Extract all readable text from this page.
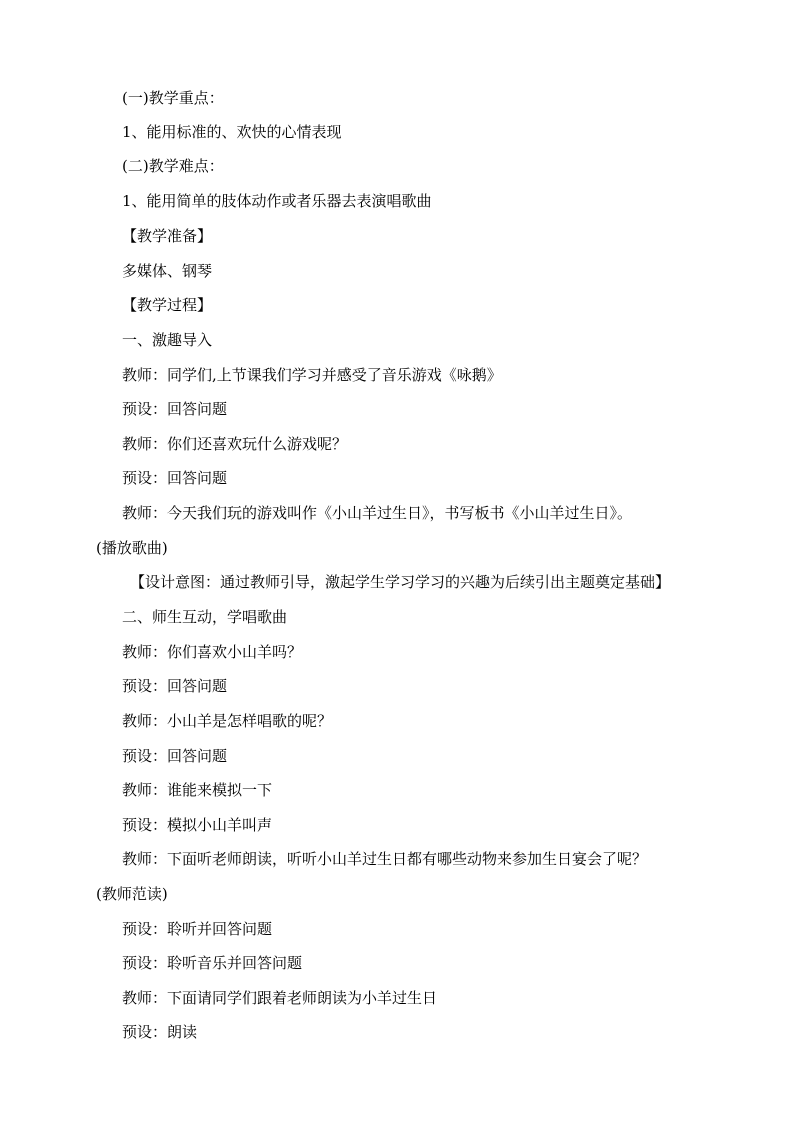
(一)教学重点：
1、能用标准的、欢快的心情表现
(二)教学难点：
1、能用简单的肢体动作或者乐器去表演唱歌曲
【教学准备】
多媒体、钢琴
【教学过程】
一、激趣导入
教师：同学们,上节课我们学习并感受了音乐游戏《咏鹅》
预设：回答问题
教师：你们还喜欢玩什么游戏呢？
预设：回答问题
教师：今天我们玩的游戏叫作《小山羊过生日》，书写板书《小山羊过生日》。
(播放歌曲)
【设计意图：通过教师引导，激起学生学习学习的兴趣为后续引出主题奠定基础】
二、师生互动，学唱歌曲
教师：你们喜欢小山羊吗？
预设：回答问题
教师：小山羊是怎样唱歌的呢？
预设：回答问题
教师：谁能来模拟一下
预设：模拟小山羊叫声
教师：下面听老师朗读，听听小山羊过生日都有哪些动物来参加生日宴会了呢？
(教师范读)
预设：聆听并回答问题
预设：聆听音乐并回答问题
教师：下面请同学们跟着老师朗读为小羊过生日
预设：朗读
